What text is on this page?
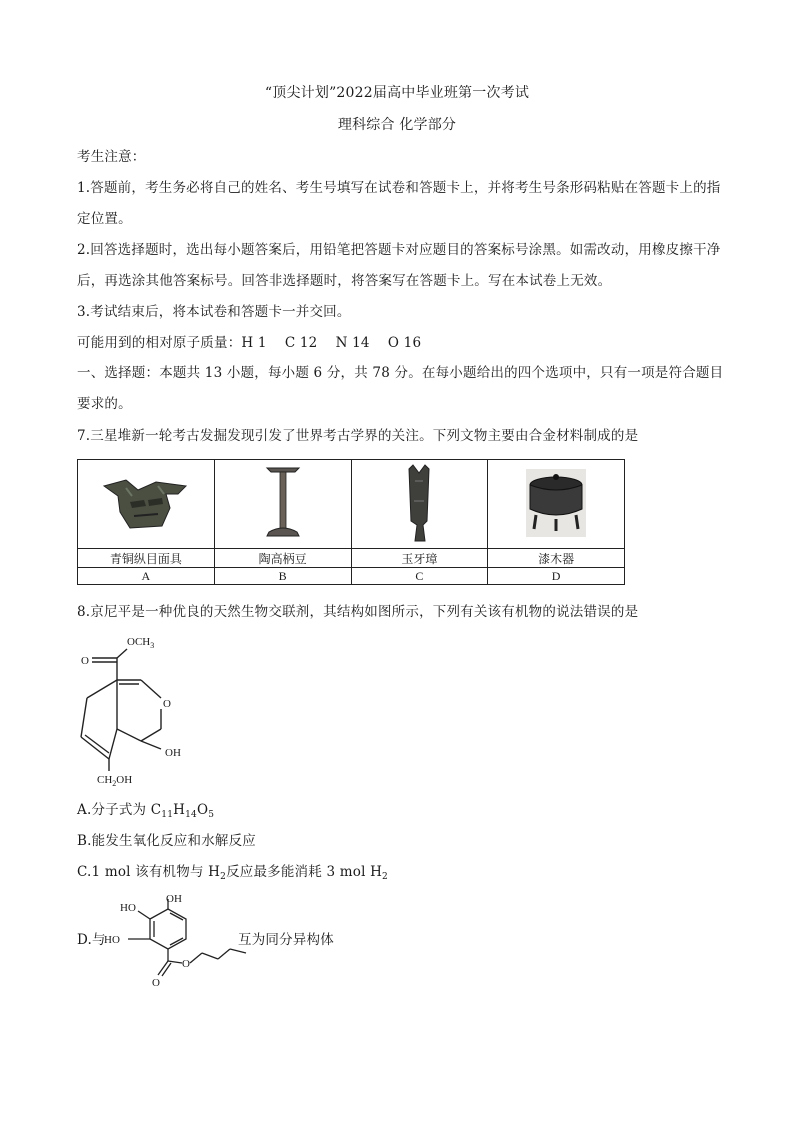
“顶尖计划”2022届高中毕业班第一次考试
理科综合 化学部分
考生注意：
1.答题前，考生务必将自己的姓名、考生号填写在试卷和答题卡上，并将考生号条形码粘贴在答题卡上的指
定位置。
2.回答选择题时，选出每小题答案后，用铅笔把答题卡对应题目的答案标号涂黑。如需改动，用橡皮擦干净
后，再选涂其他答案标号。回答非选择题时，将答案写在答题卡上。写在本试卷上无效。
3.考试结束后，将本试卷和答题卡一并交回。
可能用到的相对原子质量：H 1　 C 12　 N 14　 O 16
一、选择题：本题共 13 小题，每小题 6 分，共 78 分。在每小题给出的四个选项中，只有一项是符合题目
要求的。
7.三星堆新一轮考古发掘发现引发了世界考古学界的关注。下列文物主要由合金材料制成的是

青铜纵目面具	陶高柄豆	玉牙璋	漆木器
A	B	C	D
8.京尼平是一种优良的天然生物交联剂，其结构如图所示，下列有关该有机物的说法错误的是
$OCH_3$
O
O
OH
$CH_2OH$
A.分子式为 $C_{11}H_{14}O_5$
B.能发生氧化反应和水解反应
C.1 mol 该有机物与 $H_2$反应最多能消耗 3 mol $H_2$
D.与
HO
OH
HO
O
O
互为同分异构体
